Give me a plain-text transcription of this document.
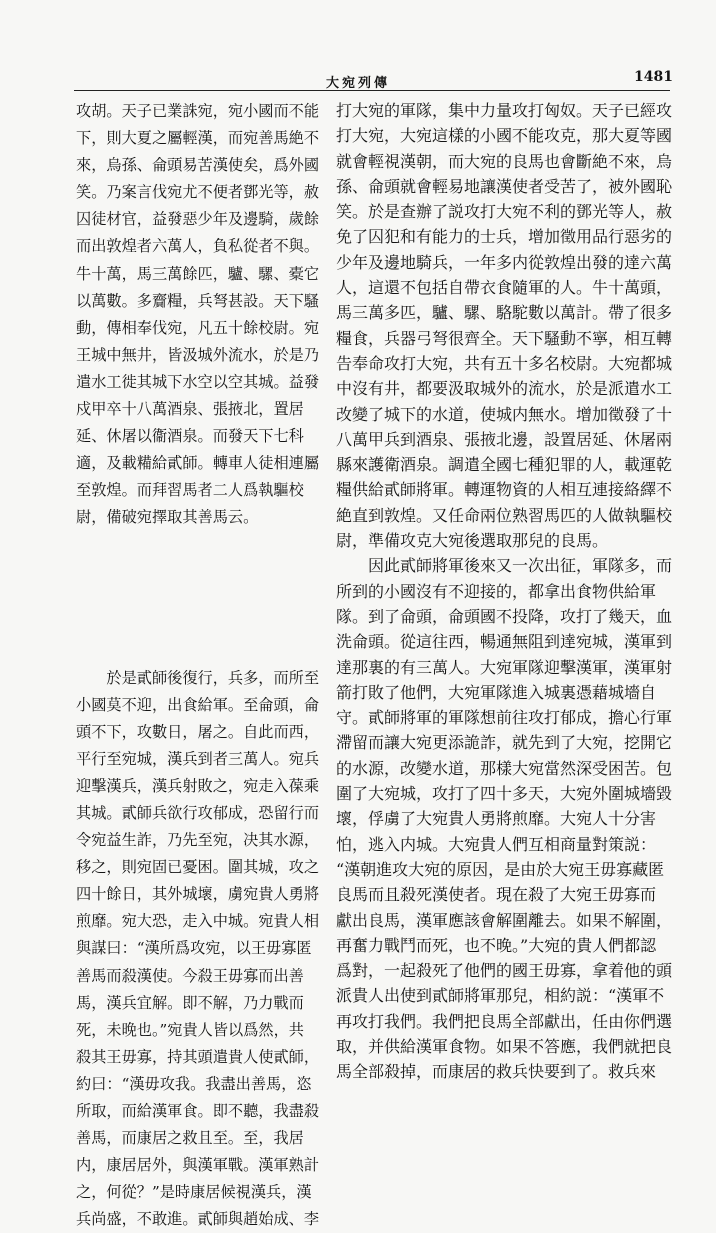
大宛列傳	1481

攻胡。天子已業誅宛，宛小國而不能

下，則大夏之屬輕漢，而宛善馬絶不

來，烏孫、侖頭易苦漢使矣，爲外國

笑。乃案言伐宛尤不便者鄧光等，赦

囚徒材官，益發惡少年及邊騎，歲餘

而出敦煌者六萬人，負私從者不與。

牛十萬，馬三萬餘匹，驢、騾、橐它

以萬數。多齎糧，兵弩甚設。天下騷

動，傳相奉伐宛，凡五十餘校尉。宛

王城中無井，皆汲城外流水，於是乃

遣水工徙其城下水空以空其城。益發

戍甲卒十八萬酒泉、張掖北，置居

延、休屠以衞酒泉。而發天下七科

適，及載糒給貳師。轉車人徒相連屬

至敦煌。而拜習馬者二人爲執驅校

尉，備破宛擇取其善馬云。

　　於是貳師後復行，兵多，而所至

小國莫不迎，出食給軍。至侖頭，侖

頭不下，攻數日，屠之。自此而西，

平行至宛城，漢兵到者三萬人。宛兵

迎擊漢兵，漢兵射敗之，宛走入葆乘

其城。貳師兵欲行攻郁成，恐留行而

令宛益生詐，乃先至宛，决其水源，

移之，則宛固已憂困。圍其城，攻之

四十餘日，其外城壞，虜宛貴人勇將

煎靡。宛大恐，走入中城。宛貴人相

與謀曰：“漢所爲攻宛，以王毋寡匿

善馬而殺漢使。今殺王毋寡而出善

馬，漢兵宜解。即不解，乃力戰而

死，未晚也。”宛貴人皆以爲然，共

殺其王毋寡，持其頭遣貴人使貳師，

約曰：“漢毋攻我。我盡出善馬，恣

所取，而給漢軍食。即不聽，我盡殺

善馬，而康居之救且至。至，我居

内，康居居外，與漢軍戰。漢軍熟計

之，何從？”是時康居候視漢兵，漢

兵尚盛，不敢進。貳師與趙始成、李

打大宛的軍隊，集中力量攻打匈奴。天子已經攻

打大宛，大宛這樣的小國不能攻克，那大夏等國

就會輕視漢朝，而大宛的良馬也會斷絶不來，烏

孫、侖頭就會輕易地讓漢使者受苦了，被外國恥

笑。於是查辦了説攻打大宛不利的鄧光等人，赦

免了囚犯和有能力的士兵，增加徵用品行惡劣的

少年及邊地騎兵，一年多内從敦煌出發的達六萬

人，這還不包括自帶衣食隨軍的人。牛十萬頭，

馬三萬多匹，驢、騾、駱駝數以萬計。帶了很多

糧食，兵器弓弩很齊全。天下騷動不寧，相互轉

告奉命攻打大宛，共有五十多名校尉。大宛都城

中沒有井，都要汲取城外的流水，於是派遣水工

改變了城下的水道，使城内無水。增加徵發了十

八萬甲兵到酒泉、張掖北邊，設置居延、休屠兩

縣來護衛酒泉。調遣全國七種犯罪的人，載運乾

糧供給貳師將軍。轉運物資的人相互連接絡繹不

絶直到敦煌。又任命兩位熟習馬匹的人做執驅校

尉，準備攻克大宛後選取那兒的良馬。

　　因此貳師將軍後來又一次出征，軍隊多，而

所到的小國沒有不迎接的，都拿出食物供給軍

隊。到了侖頭，侖頭國不投降，攻打了幾天，血

洗侖頭。從這往西，暢通無阻到達宛城，漢軍到

達那裏的有三萬人。大宛軍隊迎擊漢軍，漢軍射

箭打敗了他們，大宛軍隊進入城裏憑藉城墻自

守。貳師將軍的軍隊想前往攻打郁成，擔心行軍

滯留而讓大宛更添詭詐，就先到了大宛，挖開它

的水源，改變水道，那樣大宛當然深受困苦。包

圍了大宛城，攻打了四十多天，大宛外圍城墻毀

壞，俘虜了大宛貴人勇將煎靡。大宛人十分害

怕，逃入内城。大宛貴人們互相商量對策説：

“漢朝進攻大宛的原因，是由於大宛王毋寡藏匿

良馬而且殺死漢使者。現在殺了大宛王毋寡而

獻出良馬，漢軍應該會解圍離去。如果不解圍，

再奮力戰鬥而死，也不晚。”大宛的貴人們都認

爲對，一起殺死了他們的國王毋寡，拿着他的頭

派貴人出使到貳師將軍那兒，相約説：“漢軍不

再攻打我們。我們把良馬全部獻出，任由你們選

取，并供給漢軍食物。如果不答應，我們就把良

馬全部殺掉，而康居的救兵快要到了。救兵來
